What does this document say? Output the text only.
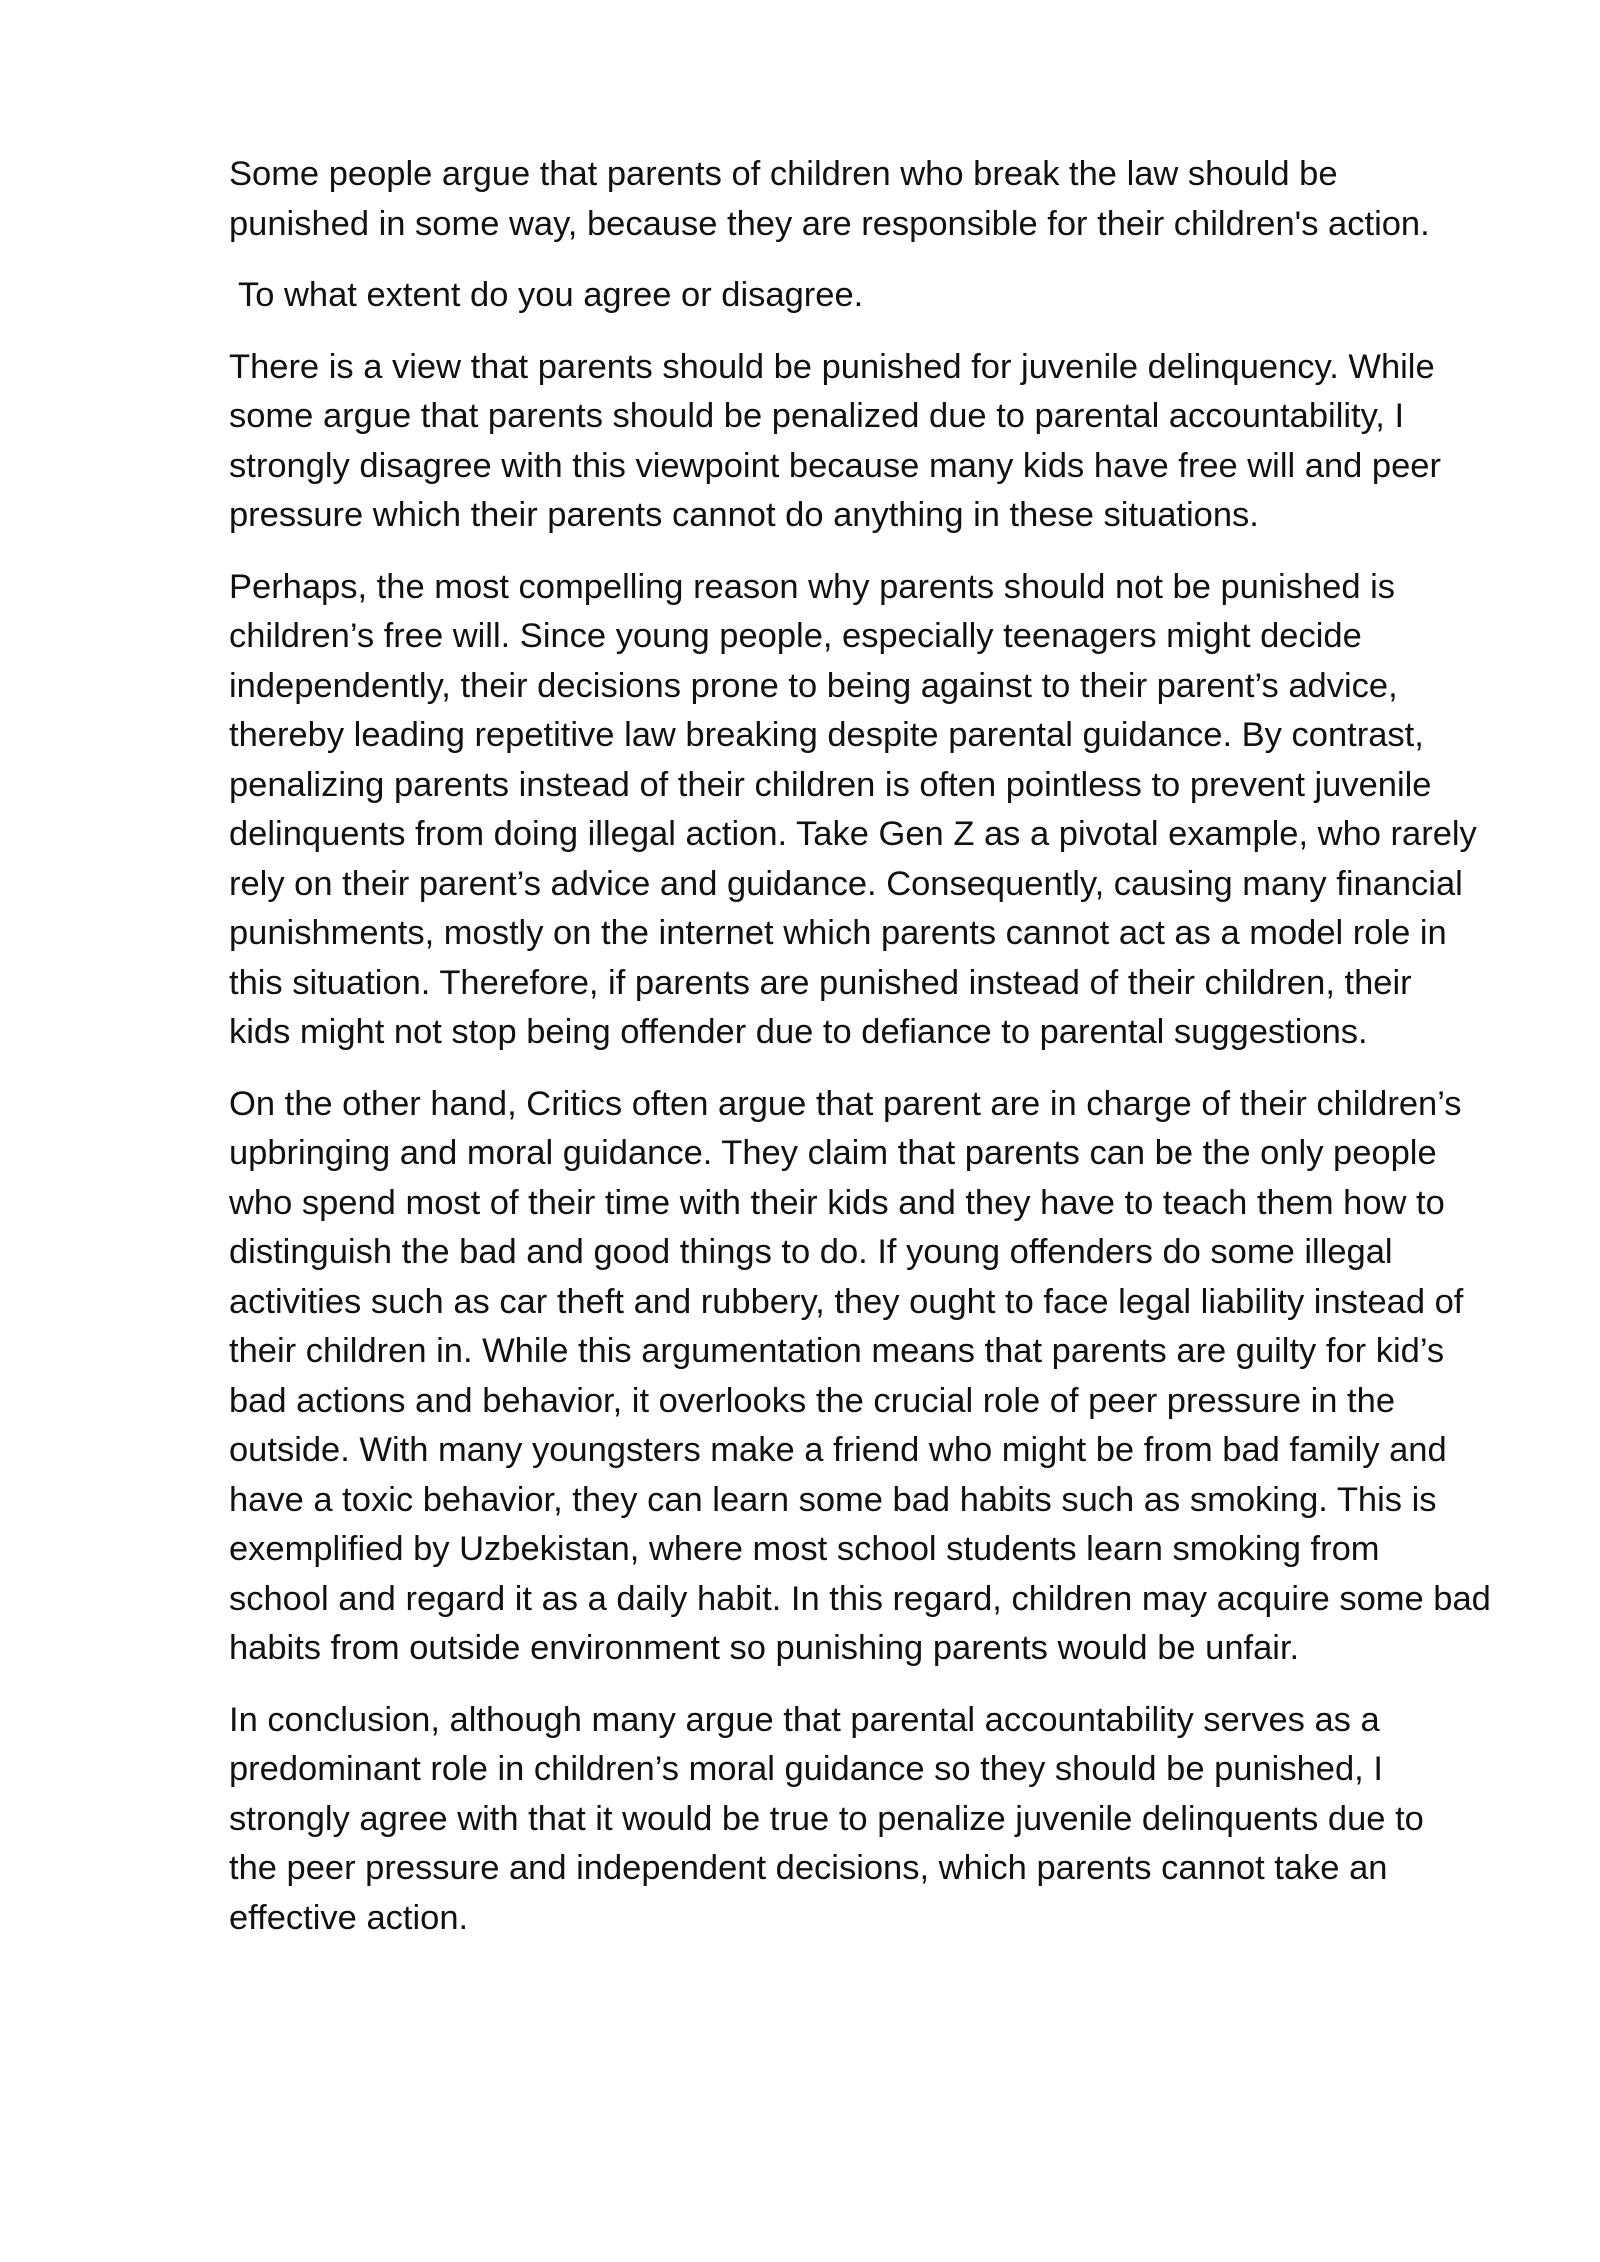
Some people argue that parents of children who break the law should be
punished in some way, because they are responsible for their children's action.

To what extent do you agree or disagree.

There is a view that parents should be punished for juvenile delinquency. While
some argue that parents should be penalized due to parental accountability, I
strongly disagree with this viewpoint because many kids have free will and peer
pressure which their parents cannot do anything in these situations.

Perhaps, the most compelling reason why parents should not be punished is
children’s free will. Since young people, especially teenagers might decide
independently, their decisions prone to being against to their parent’s advice,
thereby leading repetitive law breaking despite parental guidance. By contrast,
penalizing parents instead of their children is often pointless to prevent juvenile
delinquents from doing illegal action. Take Gen Z as a pivotal example, who rarely
rely on their parent’s advice and guidance. Consequently, causing many financial
punishments, mostly on the internet which parents cannot act as a model role in
this situation. Therefore, if parents are punished instead of their children, their
kids might not stop being offender due to defiance to parental suggestions.

On the other hand, Critics often argue that parent are in charge of their children’s
upbringing and moral guidance. They claim that parents can be the only people
who spend most of their time with their kids and they have to teach them how to
distinguish the bad and good things to do. If young offenders do some illegal
activities such as car theft and rubbery, they ought to face legal liability instead of
their children in. While this argumentation means that parents are guilty for kid’s
bad actions and behavior, it overlooks the crucial role of peer pressure in the
outside. With many youngsters make a friend who might be from bad family and
have a toxic behavior, they can learn some bad habits such as smoking. This is
exemplified by Uzbekistan, where most school students learn smoking from
school and regard it as a daily habit. In this regard, children may acquire some bad
habits from outside environment so punishing parents would be unfair.

In conclusion, although many argue that parental accountability serves as a
predominant role in children’s moral guidance so they should be punished, I
strongly agree with that it would be true to penalize juvenile delinquents due to
the peer pressure and independent decisions, which parents cannot take an
effective action.
